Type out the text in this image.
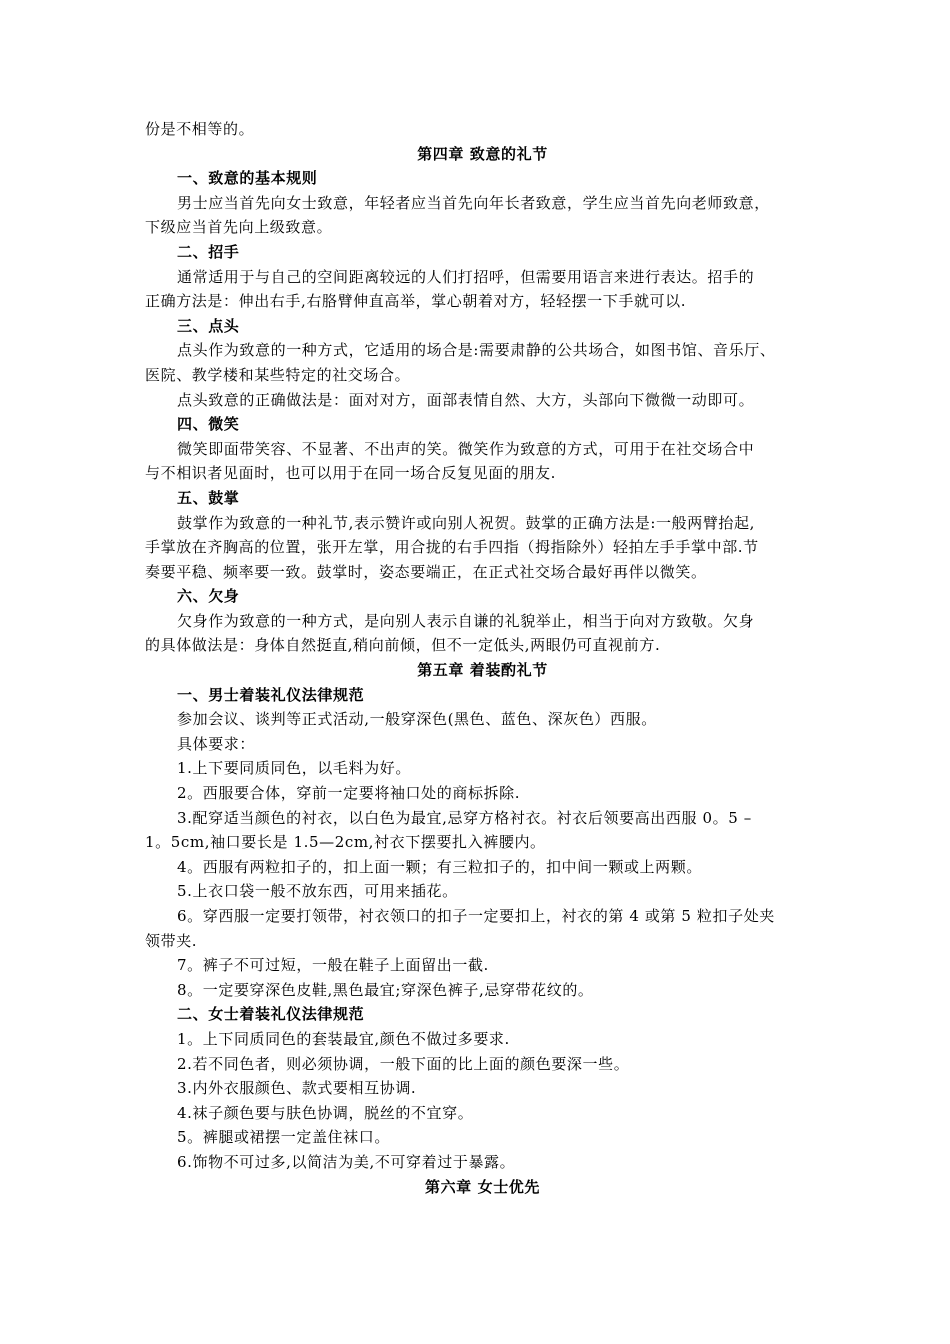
份是不相等的。
第四章 致意的礼节
一、致意的基本规则
男士应当首先向女士致意，年轻者应当首先向年长者致意，学生应当首先向老师致意，
下级应当首先向上级致意。
二、招手
通常适用于与自己的空间距离较远的人们打招呼，但需要用语言来进行表达。招手的
正确方法是：伸出右手,右胳臂伸直高举，掌心朝着对方，轻轻摆一下手就可以.
三、点头
点头作为致意的一种方式，它适用的场合是:需要肃静的公共场合，如图书馆、音乐厅、
医院、教学楼和某些特定的社交场合。
点头致意的正确做法是：面对对方，面部表情自然、大方，头部向下微微一动即可。
四、微笑
微笑即面带笑容、不显著、不出声的笑。微笑作为致意的方式，可用于在社交场合中
与不相识者见面时，也可以用于在同一场合反复见面的朋友.
五、鼓掌
鼓掌作为致意的一种礼节,表示赞许或向别人祝贺。鼓掌的正确方法是:一般两臂抬起,
手掌放在齐胸高的位置，张开左掌，用合拢的右手四指（拇指除外）轻拍左手手掌中部.节
奏要平稳、频率要一致。鼓掌时，姿态要端正，在正式社交场合最好再伴以微笑。
六、欠身
欠身作为致意的一种方式，是向别人表示自谦的礼貌举止，相当于向对方致敬。欠身
的具体做法是：身体自然挺直,稍向前倾，但不一定低头,两眼仍可直视前方.
第五章 着装酌礼节
一、男士着装礼仪法律规范
参加会议、谈判等正式活动,一般穿深色(黑色、蓝色、深灰色）西服。
具体要求：
1.上下要同质同色，以毛料为好。
2。西服要合体，穿前一定要将袖口处的商标拆除.
3.配穿适当颜色的衬衣，以白色为最宜,忌穿方格衬衣。衬衣后领要高出西服 0。5 –
1。5cm,袖口要长是 1.5—2cm,衬衣下摆要扎入裤腰内。
4。西服有两粒扣子的，扣上面一颗；有三粒扣子的，扣中间一颗或上两颗。
5.上衣口袋一般不放东西，可用来插花。
6。穿西服一定要打领带，衬衣领口的扣子一定要扣上，衬衣的第 4 或第 5 粒扣子处夹
领带夹.
7。裤子不可过短，一般在鞋子上面留出一截.
8。一定要穿深色皮鞋,黑色最宜;穿深色裤子,忌穿带花纹的。
二、女士着装礼仪法律规范
1。上下同质同色的套装最宜,颜色不做过多要求.
2.若不同色者，则必须协调，一般下面的比上面的颜色要深一些。
3.内外衣服颜色、款式要相互协调.
4.袜子颜色要与肤色协调，脱丝的不宜穿。
5。裤腿或裙摆一定盖住袜口。
6.饰物不可过多,以简洁为美,不可穿着过于暴露。
第六章 女士优先
